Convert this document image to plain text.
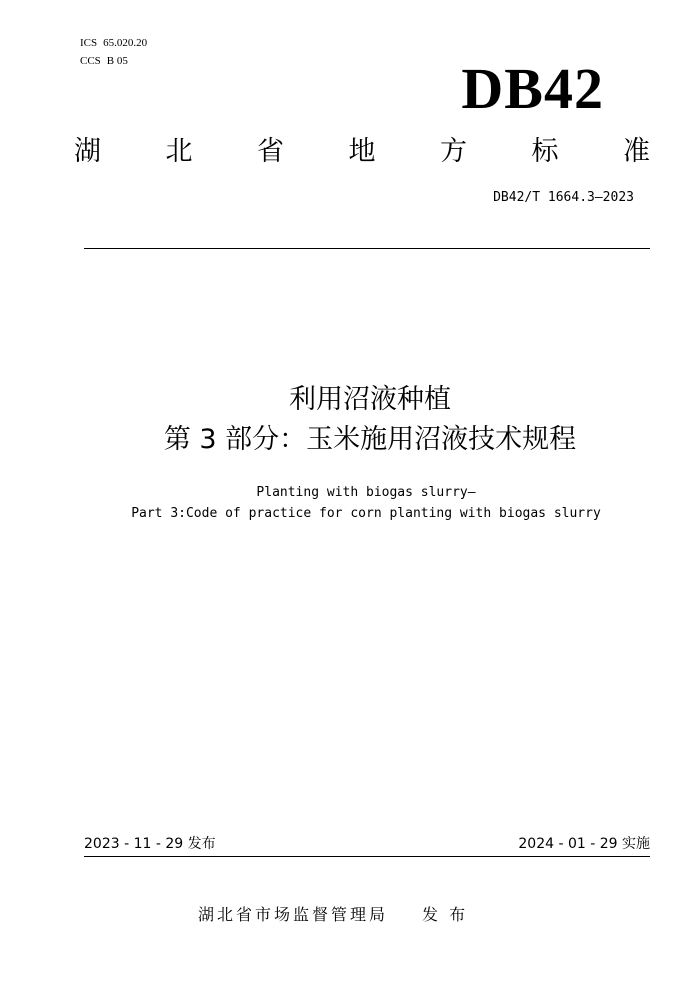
ICS 65.020.20
CCS B 05	DB42
湖 北 省 地 方 标 准
DB42/T 1664.3—2023
利用沼液种植
第 3 部分：玉米施用沼液技术规程
Planting with biogas slurry—
Part 3:Code of practice for corn planting with biogas slurry
2023 - 11 - 29 发布	2024 - 01 - 29 实施
湖北省市场监督管理局 发 布
